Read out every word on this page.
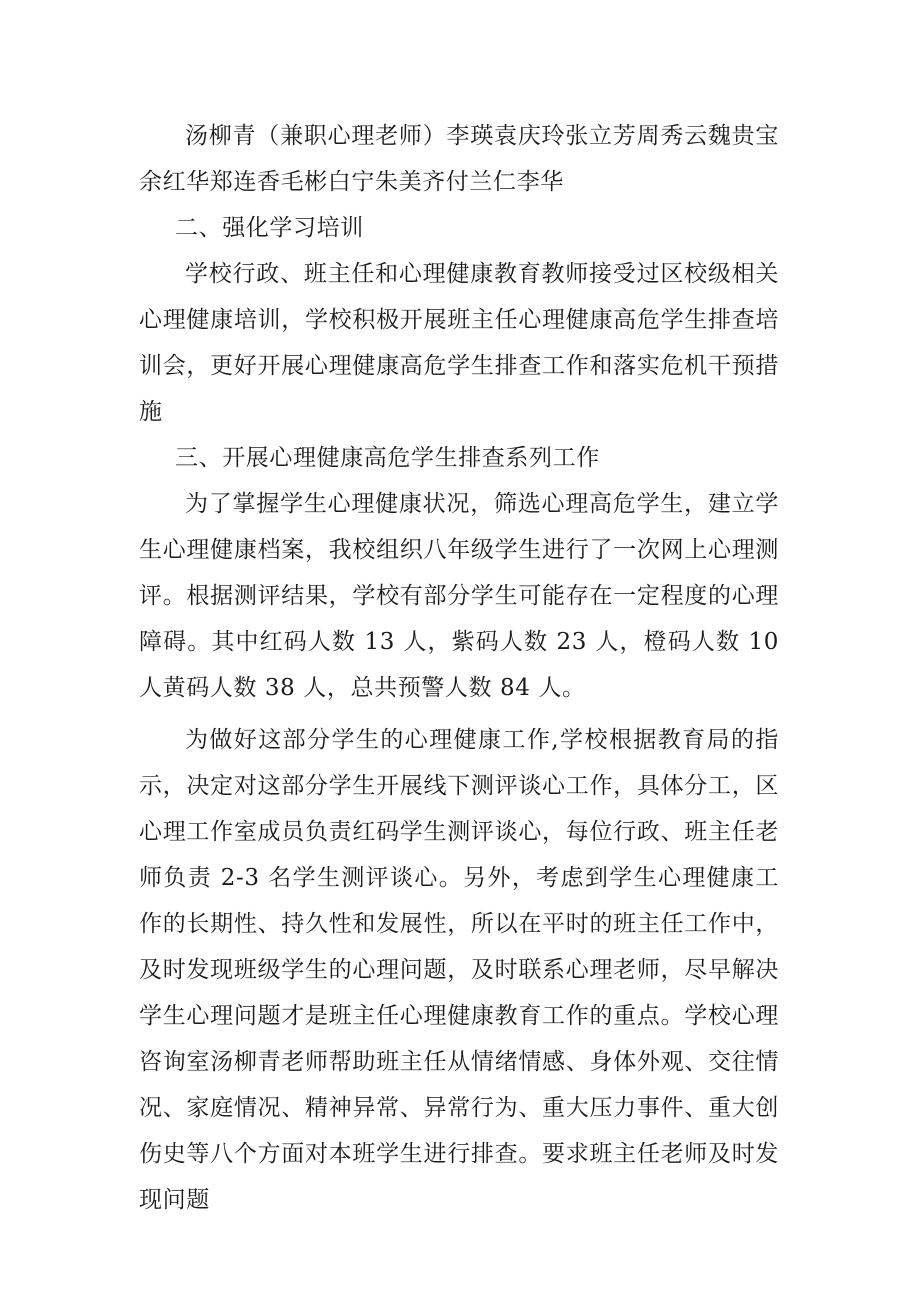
汤柳青（兼职心理老师）李瑛袁庆玲张立芳周秀云魏贵宝余红华郑连香毛彬白宁朱美齐付兰仁李华

二、强化学习培训

学校行政、班主任和心理健康教育教师接受过区校级相关心理健康培训，学校积极开展班主任心理健康高危学生排查培训会，更好开展心理健康高危学生排查工作和落实危机干预措施

三、开展心理健康高危学生排查系列工作

为了掌握学生心理健康状况，筛选心理高危学生，建立学生心理健康档案，我校组织八年级学生进行了一次网上心理测评。根据测评结果，学校有部分学生可能存在一定程度的心理障碍。其中红码人数 13 人，紫码人数 23 人，橙码人数 10 人黄码人数 38 人，总共预警人数 84 人。

为做好这部分学生的心理健康工作,学校根据教育局的指示，决定对这部分学生开展线下测评谈心工作，具体分工，区心理工作室成员负责红码学生测评谈心，每位行政、班主任老师负责 2-3 名学生测评谈心。另外，考虑到学生心理健康工作的长期性、持久性和发展性，所以在平时的班主任工作中，及时发现班级学生的心理问题，及时联系心理老师，尽早解决学生心理问题才是班主任心理健康教育工作的重点。学校心理咨询室汤柳青老师帮助班主任从情绪情感、身体外观、交往情况、家庭情况、精神异常、异常行为、重大压力事件、重大创伤史等八个方面对本班学生进行排查。要求班主任老师及时发现问题
